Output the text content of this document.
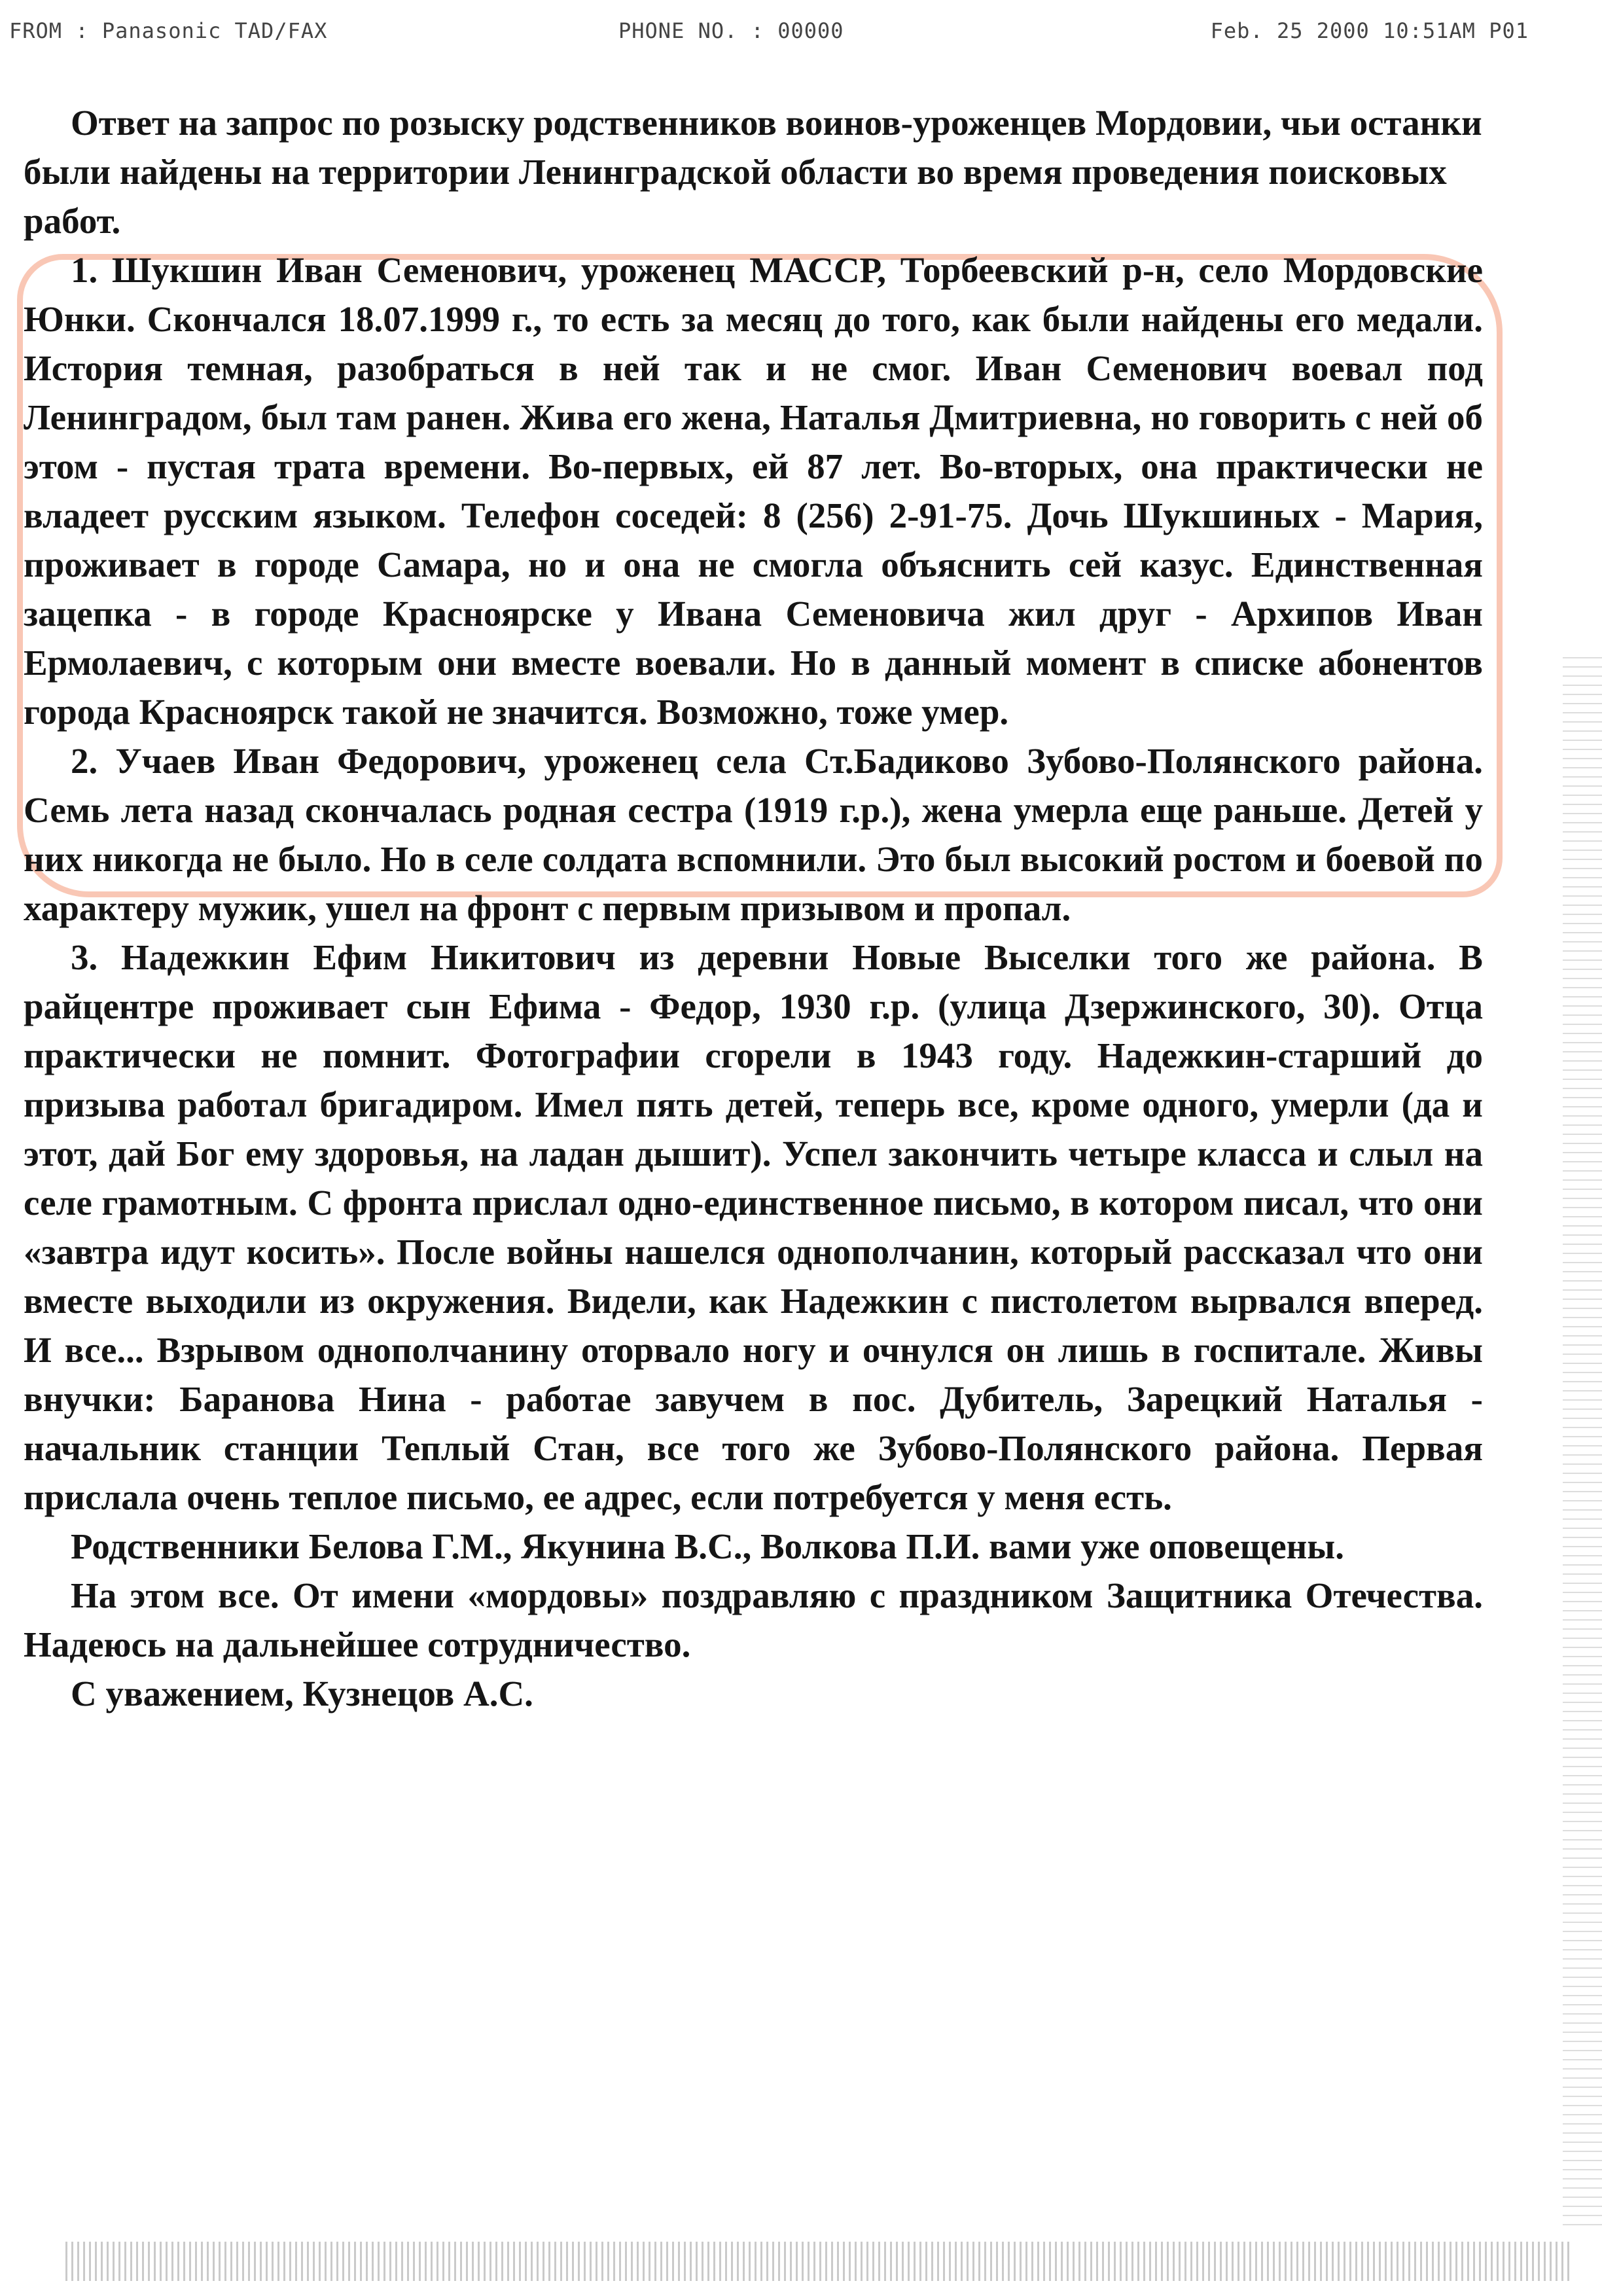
FROM : Panasonic TAD/FAX	PHONE NO. : 00000	Feb. 25 2000 10:51AM P01

Ответ на запрос по розыску родственников воинов-уроженцев Мордовии, чьи останки были найдены на территории Ленинградской области во время проведения поисковых работ.

1. Шукшин Иван Семенович, уроженец МАССР, Торбеевский р-н, село Мордовские Юнки. Скончался 18.07.1999 г., то есть за месяц до того, как были найдены его медали. История темная, разобраться в ней так и не смог. Иван Семенович воевал под Ленинградом, был там ранен. Жива его жена, Наталья Дмитриевна, но говорить с ней об этом - пустая трата времени. Во-первых, ей 87 лет. Во-вторых, она практически не владеет русским языком. Телефон соседей: 8 (256) 2-91-75. Дочь Шукшиных - Мария, проживает в городе Самара, но и она не смогла объяснить сей казус. Единственная зацепка - в городе Красноярске у Ивана Семеновича жил друг - Архипов Иван Ермолаевич, с которым они вместе воевали. Но в данный момент в списке абонентов города Красноярск такой не значится. Возможно, тоже умер.

2. Учаев Иван Федорович, уроженец села Ст.Бадиково Зубово-Полянского района. Семь лета назад скончалась родная сестра (1919 г.р.), жена умерла еще раньше. Детей у них никогда не было. Но в селе солдата вспомнили. Это был высокий ростом и боевой по характеру мужик, ушел на фронт с первым призывом и пропал.

3. Надежкин Ефим Никитович из деревни Новые Выселки того же района. В райцентре проживает сын Ефима - Федор, 1930 г.р. (улица Дзержинского, 30). Отца практически не помнит. Фотографии сгорели в 1943 году. Надежкин-старший до призыва работал бригадиром. Имел пять детей, теперь все, кроме одного, умерли (да и этот, дай Бог ему здоровья, на ладан дышит). Успел закончить четыре класса и слыл на селе грамотным. С фронта прислал одно-единственное письмо, в котором писал, что они «завтра идут косить». После войны нашелся однополчанин, который рассказал что они вместе выходили из окружения. Видели, как Надежкин с пистолетом вырвался вперед. И все... Взрывом однополчанину оторвало ногу и очнулся он лишь в госпитале. Живы внучки: Баранова Нина - работае завучем в пос. Дубитель, Зарецкий Наталья - начальник станции Теплый Стан, все того же Зубово-Полянского района. Первая прислала очень теплое письмо, ее адрес, если потребуется у меня есть.

Родственники Белова Г.М., Якунина В.С., Волкова П.И. вами уже оповещены.

На этом все. От имени «мордовы» поздравляю с праздником Защитника Отечества. Надеюсь на дальнейшее сотрудничество.

С уважением, Кузнецов А.С.
